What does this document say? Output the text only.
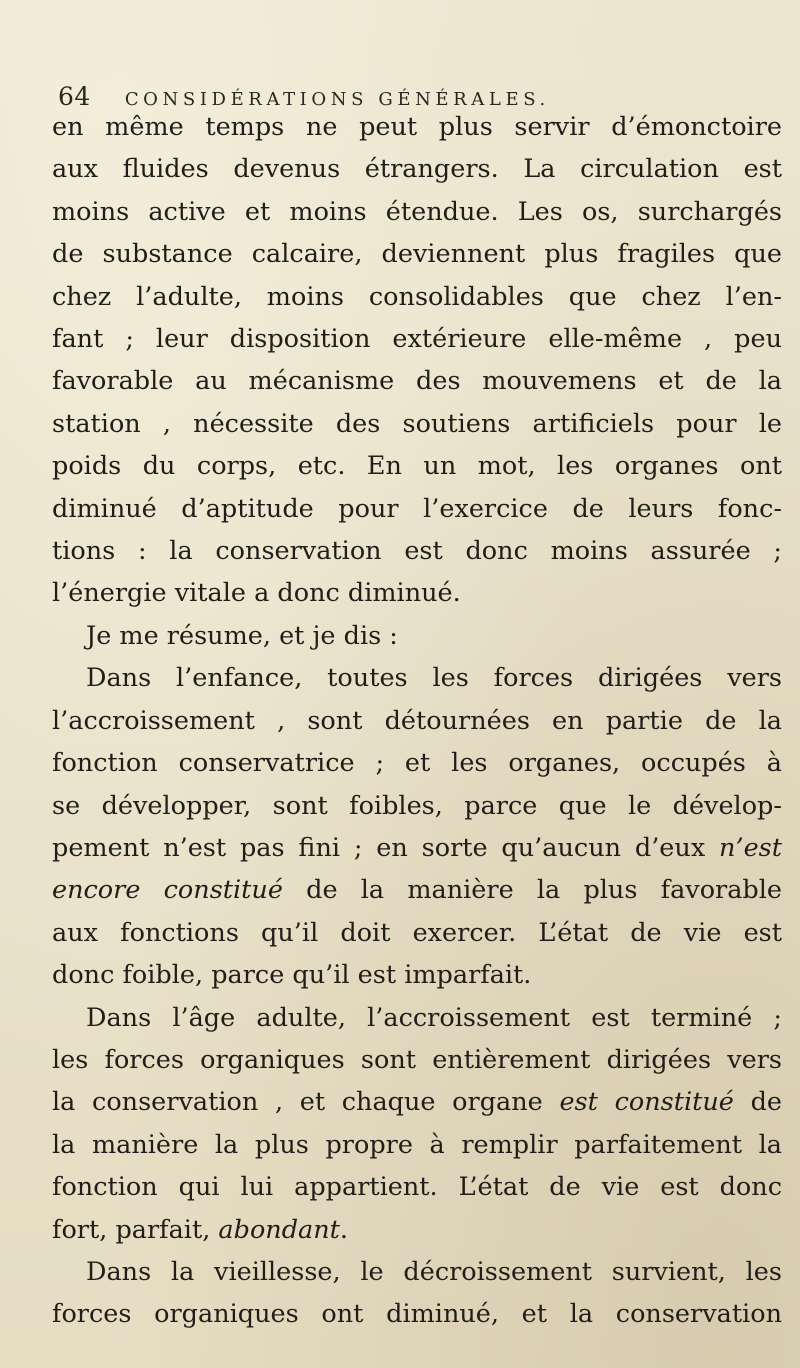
64 CONSIDÉRATIONS GÉNÉRALES.
en même temps ne peut plus servir d’émonctoire
aux fluides devenus étrangers. La circulation est
moins active et moins étendue. Les os, surchargés
de substance calcaire, deviennent plus fragiles que
chez l’adulte, moins consolidables que chez l’en-
fant ; leur disposition extérieure elle-même , peu
favorable au mécanisme des mouvemens et de la
station , nécessite des soutiens artificiels pour le
poids du corps, etc. En un mot, les organes ont
diminué d’aptitude pour l’exercice de leurs fonc-
tions : la conservation est donc moins assurée ;
l’énergie vitale a donc diminué.
Je me résume, et je dis :
Dans l’enfance, toutes les forces dirigées vers
l’accroissement , sont détournées en partie de la
fonction conservatrice ; et les organes, occupés à
se développer, sont foibles, parce que le dévelop-
pement n’est pas fini ; en sorte qu’aucun d’eux n’est
encore constitué de la manière la plus favorable
aux fonctions qu’il doit exercer. L’état de vie est
donc foible, parce qu’il est imparfait.
Dans l’âge adulte, l’accroissement est terminé ;
les forces organiques sont entièrement dirigées vers
la conservation , et chaque organe est constitué de
la manière la plus propre à remplir parfaitement la
fonction qui lui appartient. L’état de vie est donc
fort, parfait, abondant.
Dans la vieillesse, le décroissement survient, les
forces organiques ont diminué, et la conservation
